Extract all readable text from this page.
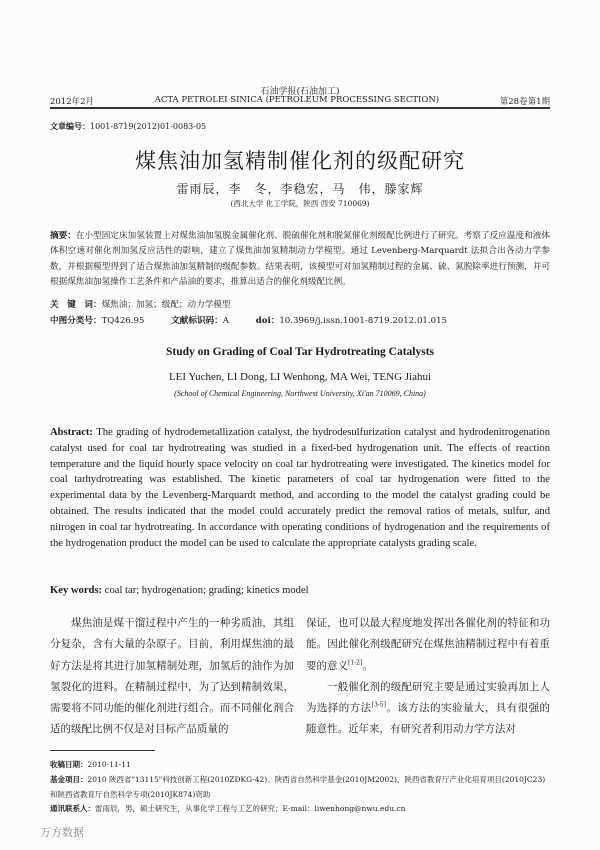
石油学报(石油加工)
2012年2月	ACTA PETROLEI SINICA (PETROLEUM PROCESSING SECTION)	第28卷第1期
文章编号：1001-8719(2012)01-0083-05
煤焦油加氢精制催化剂的级配研究
雷雨辰，李　冬，李稳宏，马　伟，滕家辉
(西北大学 化工学院，陕西 西安 710069)
摘要：在小型固定床加氢装置上对煤焦油加氢脱金属催化剂、脱硫催化剂和脱氮催化剂级配比例进行了研究。考察了反应温度和液体体积空速对催化剂加氢反应活性的影响，建立了煤焦油加氢精制动力学模型。通过 Levenberg-Marquardt 法拟合出各动力学参数，并根据模型得到了适合煤焦油加氢精制的级配参数。结果表明，该模型可对加氢精制过程的金属、硫、氮脱除率进行预测，并可根据煤焦油加氢操作工艺条件和产品油的要求，推算出适合的催化剂级配比例。
关　键　词：煤焦油；加氢；级配；动力学模型
中图分类号：TQ426.95	文献标识码：A	doi：10.3969/j.issn.1001-8719.2012.01.015
Study on Grading of Coal Tar Hydrotreating Catalysts
LEI Yuchen, LI Dong, LI Wenhong, MA Wei, TENG Jiahui
(School of Chemical Engineering, Northwest University, Xi'an 710069, China)
Abstract: The grading of hydrodemetallization catalyst, the hydrodesulfurization catalyst and hydrodenitrogenation catalyst used for coal tar hydrotreating was studied in a fixed-bed hydrogenation unit. The effects of reaction temperature and the liquid hourly space velocity on coal tar hydrotreating were investigated. The kinetics model for coal tarhydrotreating was established. The kinetic parameters of coal tar hydrogenation were fitted to the experimental data by the Levenberg-Marquardt method, and according to the model the catalyst grading could be obtained. The results indicated that the model could accurately predict the removal ratios of metals, sulfur, and nitrogen in coal tar hydrotreating. In accordance with operating conditions of hydrogenation and the requirements of the hydrogenation product the model can be used to calculate the appropriate catalysts grading scale.
Key words: coal tar; hydrogenation; grading; kinetics model

煤焦油是煤干馏过程中产生的一种劣质油，其组分复杂，含有大量的杂原子。目前，利用煤焦油的最好方法是将其进行加氢精制处理，加氢后的油作为加氢裂化的进料。在精制过程中，为了达到精制效果，需要将不同功能的催化剂进行组合。而不同催化剂合适的级配比例不仅是对目标产品质量的

保证，也可以最大程度地发挥出各催化剂的特征和功能。因此催化剂级配研究在煤焦油精制过程中有着重要的意义[1-2]。

一般催化剂的级配研究主要是通过实验再加上人为选择的方法[3-5]。该方法的实验量大，具有很强的随意性。近年来，有研究者利用动力学方法对

收稿日期：2010-11-11
基金项目：2010 陕西省"13115"科技创新工程(2010ZDKG-42)、陕西省自然科学基金(2010JM2002)、陕西省教育厅产业化培育项目(2010JC23)和陕西省教育厅自然科学专项(2010JK874)资助
通讯联系人：雷雨辰，男，硕士研究生，从事化学工程与工艺的研究；E-mail：liwenhong@nwu.edu.cn
万方数据
